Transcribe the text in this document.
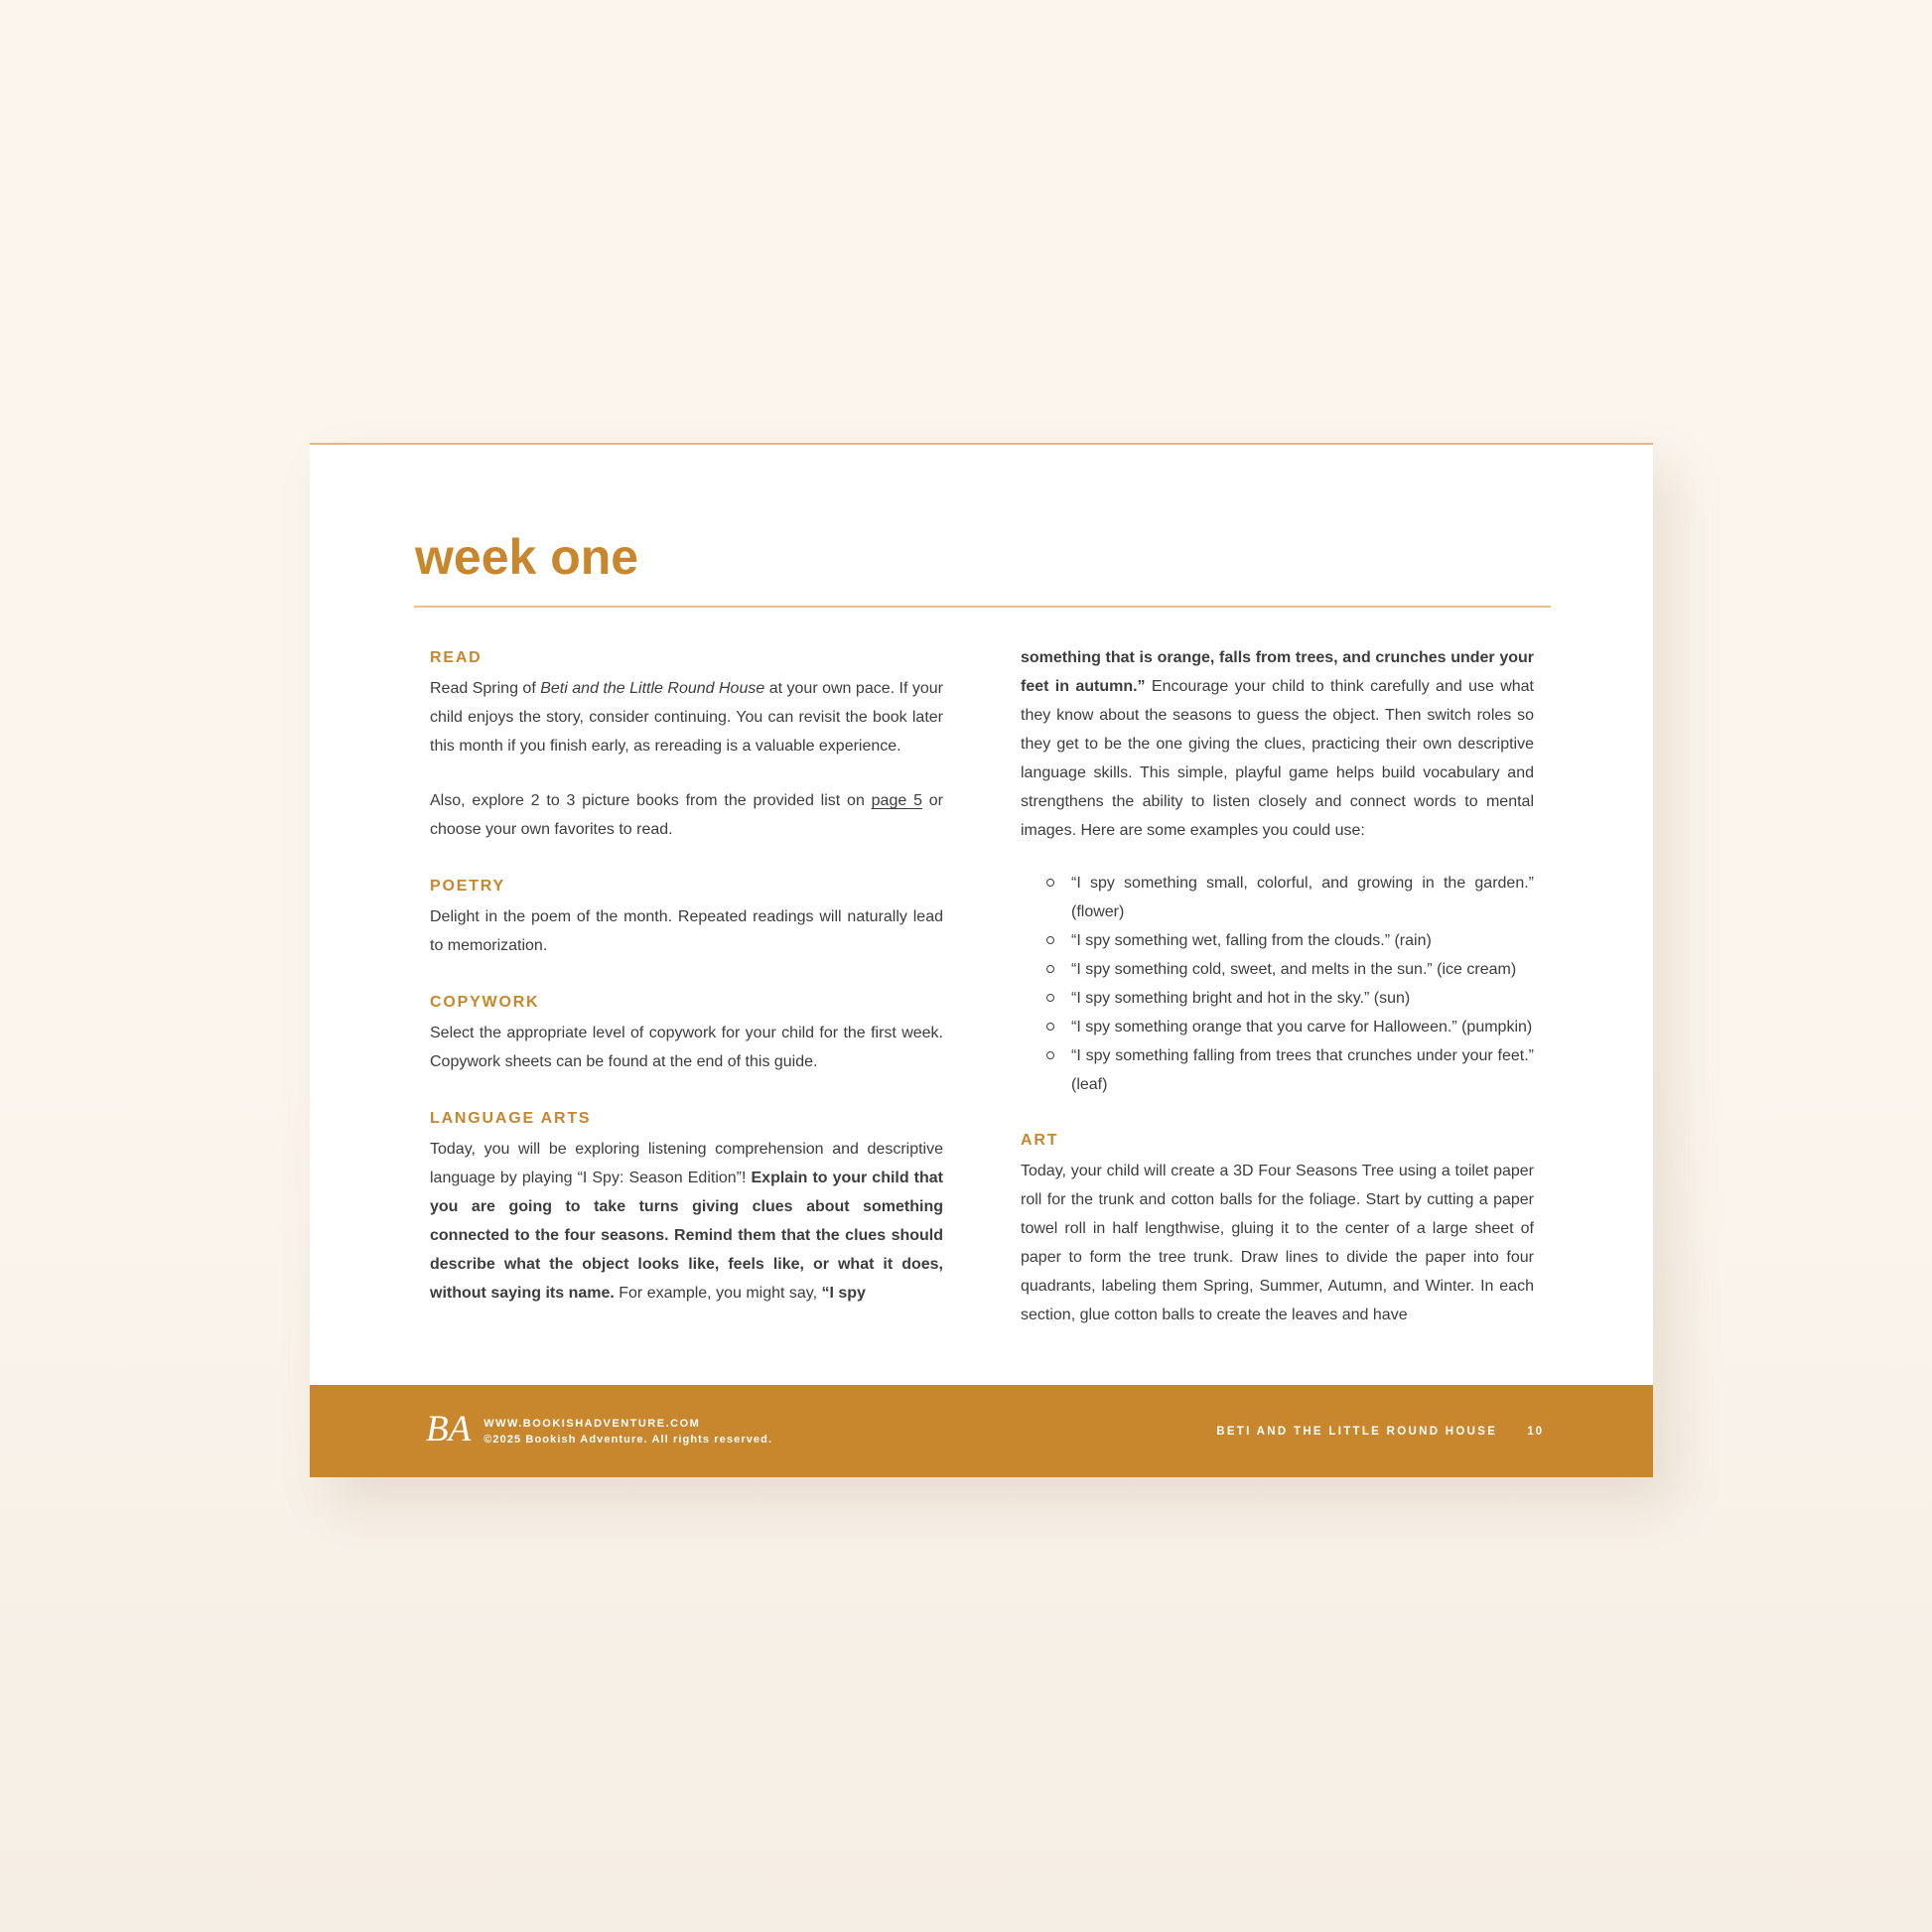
week one
READ

Read Spring of Beti and the Little Round House at your own pace. If your child enjoys the story, consider continuing. You can revisit the book later this month if you finish early, as rereading is a valuable experience.

Also, explore 2 to 3 picture books from the provided list on page 5 or choose your own favorites to read.

POETRY

Delight in the poem of the month. Repeated readings will naturally lead to memorization.

COPYWORK

Select the appropriate level of copywork for your child for the first week. Copywork sheets can be found at the end of this guide.

LANGUAGE ARTS

Today, you will be exploring listening comprehension and descriptive language by playing “I Spy: Season Edition”! Explain to your child that you are going to take turns giving clues about something connected to the four seasons. Remind them that the clues should describe what the object looks like, feels like, or what it does, without saying its name. For example, you might say, “I spy

something that is orange, falls from trees, and crunches under your feet in autumn.” Encourage your child to think carefully and use what they know about the seasons to guess the object. Then switch roles so they get to be the one giving the clues, practicing their own descriptive language skills. This simple, playful game helps build vocabulary and strengthens the ability to listen closely and connect words to mental images. Here are some examples you could use:

“I spy something small, colorful, and growing in the garden.” (flower)
“I spy something wet, falling from the clouds.” (rain)
“I spy something cold, sweet, and melts in the sun.” (ice cream)
“I spy something bright and hot in the sky.” (sun)
“I spy something orange that you carve for Halloween.” (pumpkin)
“I spy something falling from trees that crunches under your feet.” (leaf)
ART

Today, your child will create a 3D Four Seasons Tree using a toilet paper roll for the trunk and cotton balls for the foliage. Start by cutting a paper towel roll in half lengthwise, gluing it to the center of a large sheet of paper to form the tree trunk. Draw lines to divide the paper into four quadrants, labeling them Spring, Summer, Autumn, and Winter. In each section, glue cotton balls to create the leaves and have

BA WWW.BOOKISHADVENTURE.COM
©2025 Bookish Adventure. All rights reserved.
BETI AND THE LITTLE ROUND HOUSE	10
